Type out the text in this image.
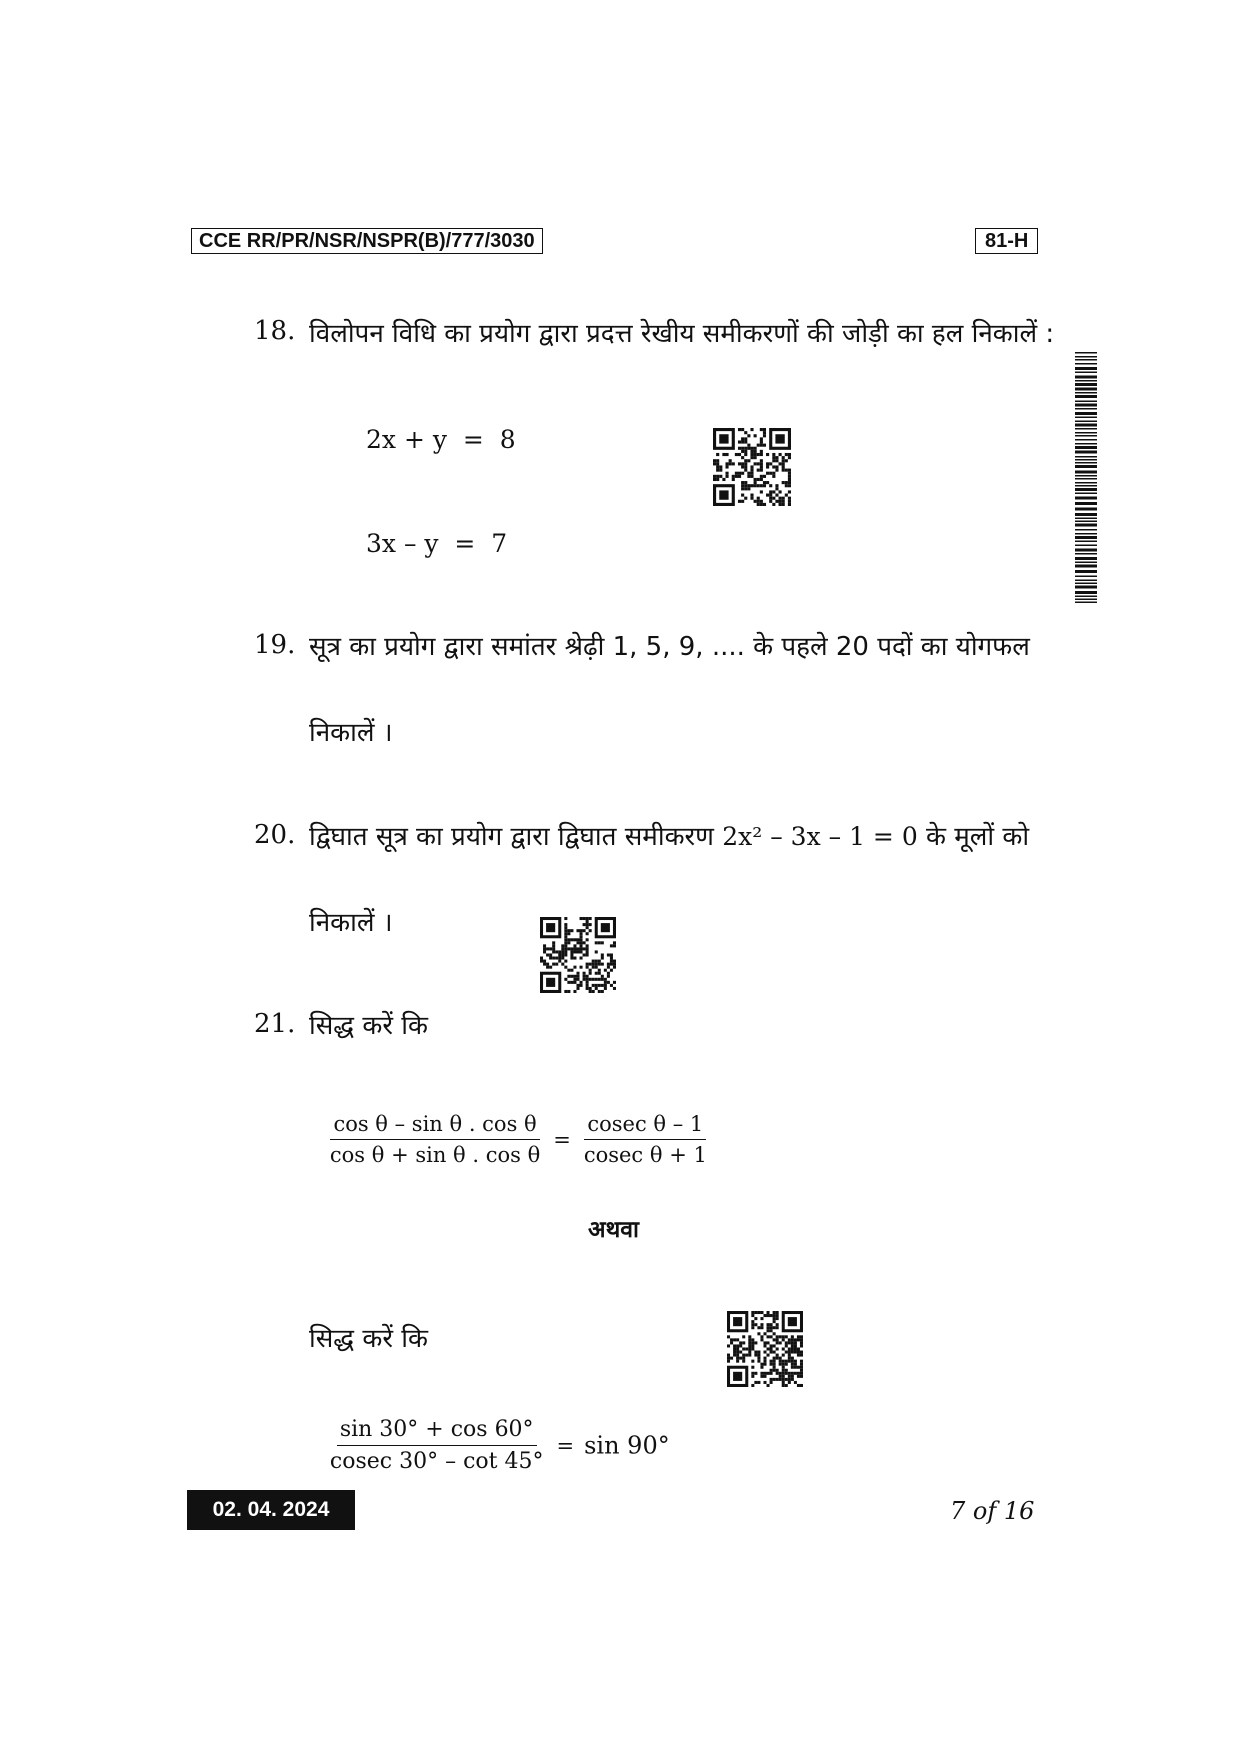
CCE RR/PR/NSR/NSPR(B)/777/3030	81-H
18. विलोपन विधि का प्रयोग द्वारा प्रदत्त रेखीय समीकरणों की जोड़ी का हल निकालें :
2x + y  =  8
3x – y  =  7
19. सूत्र का प्रयोग द्वारा समांतर श्रेढ़ी 1, 5, 9, .... के पहले 20 पदों का योगफल
निकालें ।
20. द्विघात सूत्र का प्रयोग द्वारा द्विघात समीकरण 2x² – 3x – 1 = 0 के मूलों को
निकालें ।
21. सिद्ध करें कि

$\frac{\text{cos θ – sin θ . cos θ}}{\text{cos θ + sin θ . cos θ}} = \frac{\text{cosec θ – 1}}{\text{cosec θ + 1}}$

अथवा
सिद्ध करें कि

$\frac{\sin 30^\circ + \cos 60^\circ}{cosec 30^\circ - \cot 45^\circ} = \sin 90^\circ$

02. 04. 2024	7 of 16
